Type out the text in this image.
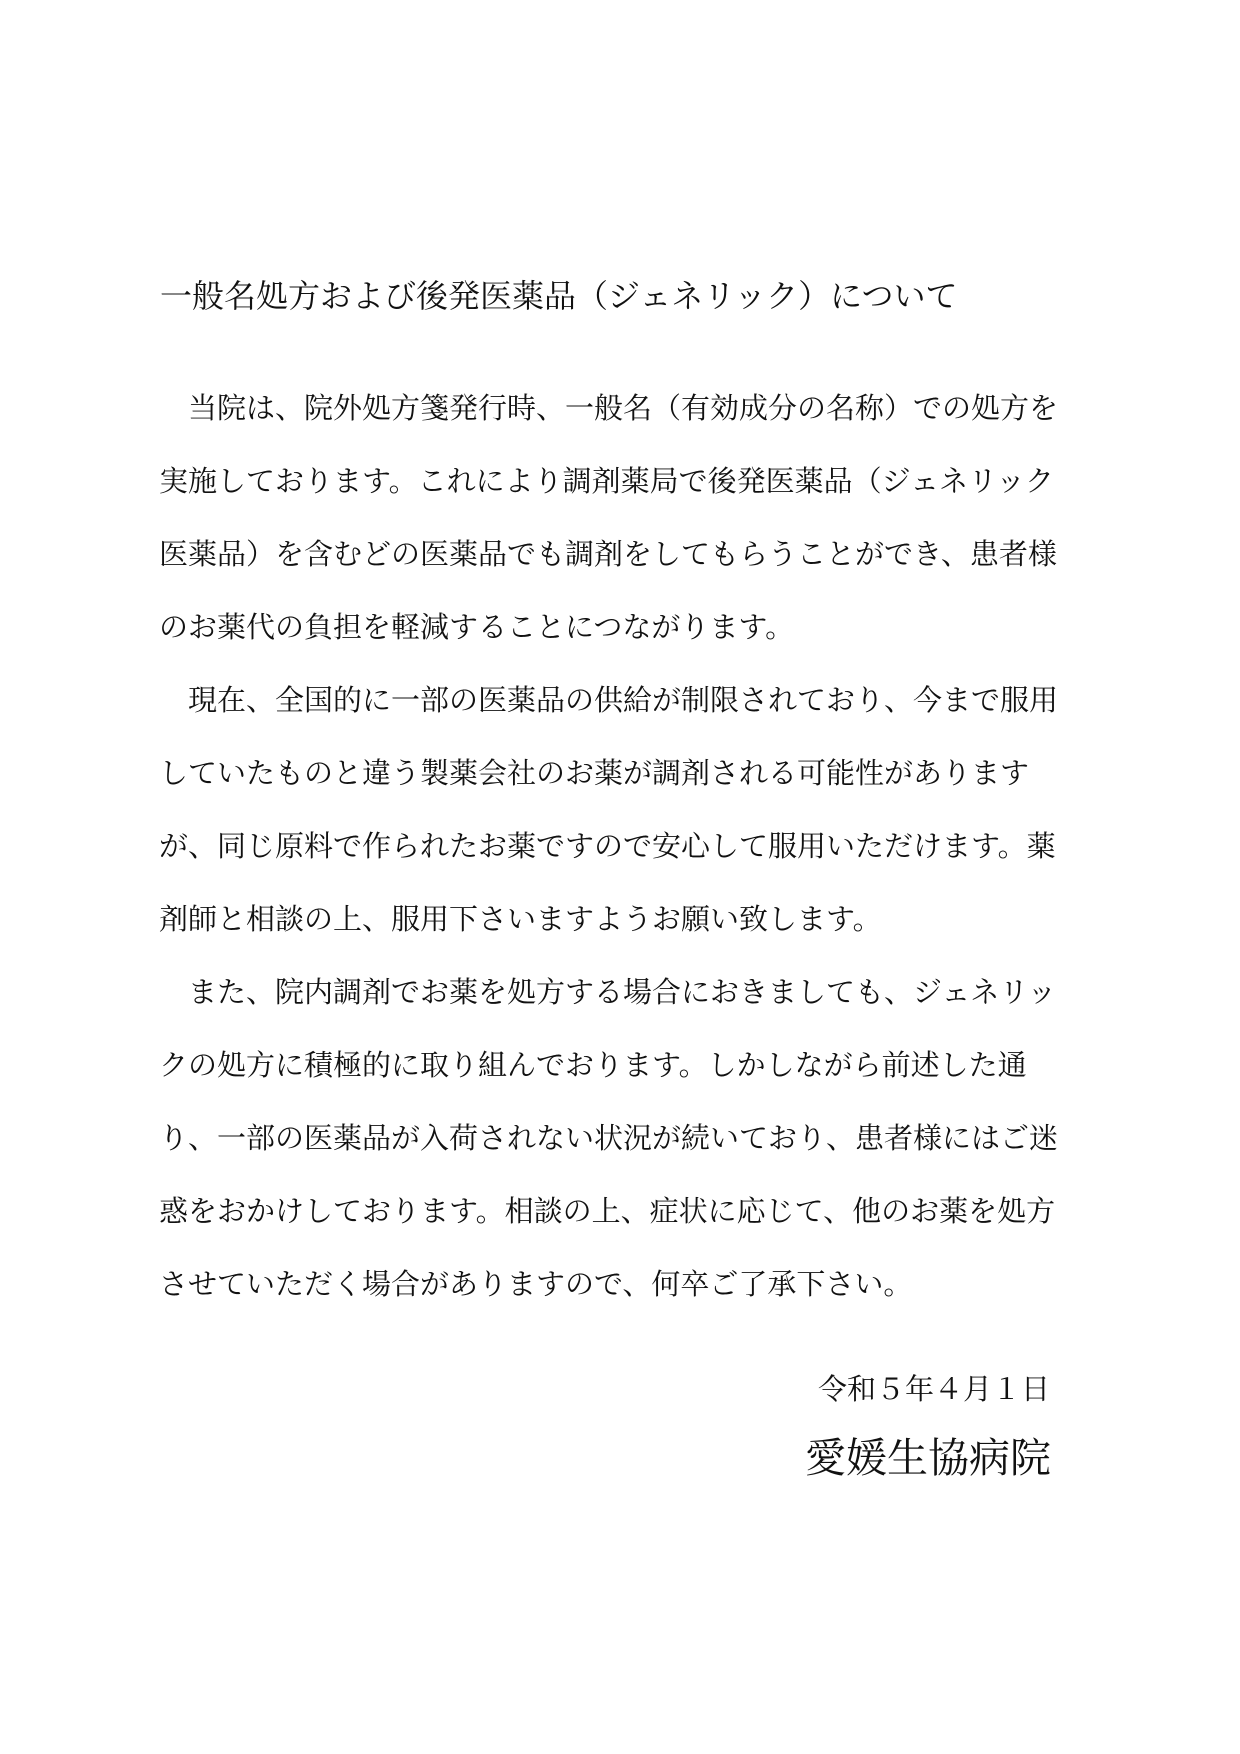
一般名処方および後発医薬品（ジェネリック）について
当院は、院外処方箋発行時、一般名（有効成分の名称）での処方を
実施しております。これにより調剤薬局で後発医薬品（ジェネリック
医薬品）を含むどの医薬品でも調剤をしてもらうことができ、患者様
のお薬代の負担を軽減することにつながります。
現在、全国的に一部の医薬品の供給が制限されており、今まで服用
していたものと違う製薬会社のお薬が調剤される可能性があります
が、同じ原料で作られたお薬ですので安心して服用いただけます。薬
剤師と相談の上、服用下さいますようお願い致します。
また、院内調剤でお薬を処方する場合におきましても、ジェネリッ
クの処方に積極的に取り組んでおります。しかしながら前述した通
り、一部の医薬品が入荷されない状況が続いており、患者様にはご迷
惑をおかけしております。相談の上、症状に応じて、他のお薬を処方
させていただく場合がありますので、何卒ご了承下さい。
令和５年４月１日
愛媛生協病院
